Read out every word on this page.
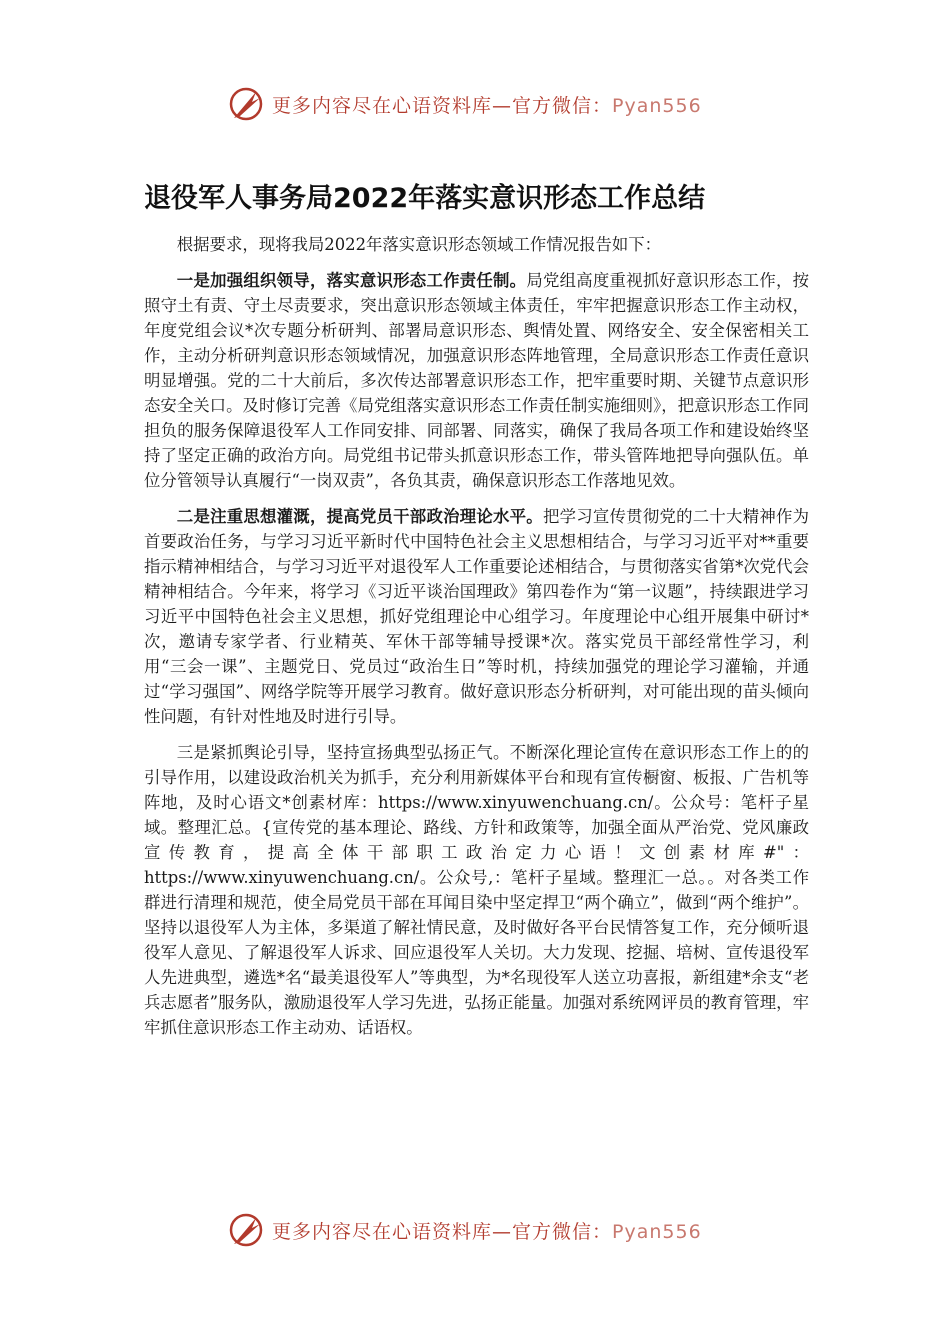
更多内容尽在心语资料库—官方微信：Pyan556
退役军人事务局2022年落实意识形态工作总结

根据要求，现将我局2022年落实意识形态领域工作情况报告如下：

一是加强组织领导，落实意识形态工作责任制。局党组高度重视抓好意识形态工作，按照守土有责、守土尽责要求，突出意识形态领域主体责任，牢牢把握意识形态工作主动权，年度党组会议*次专题分析研判、部署局意识形态、舆情处置、网络安全、安全保密相关工作，主动分析研判意识形态领域情况，加强意识形态阵地管理，全局意识形态工作责任意识明显增强。党的二十大前后，多次传达部署意识形态工作，把牢重要时期、关键节点意识形态安全关口。及时修订完善《局党组落实意识形态工作责任制实施细则》，把意识形态工作同担负的服务保障退役军人工作同安排、同部署、同落实，确保了我局各项工作和建设始终坚持了坚定正确的政治方向。局党组书记带头抓意识形态工作，带头管阵地把导向强队伍。单位分管领导认真履行“一岗双责”，各负其责，确保意识形态工作落地见效。

二是注重思想灌溉，提高党员干部政治理论水平。把学习宣传贯彻党的二十大精神作为首要政治任务，与学习习近平新时代中国特色社会主义思想相结合，与学习习近平对**重要指示精神相结合，与学习习近平对退役军人工作重要论述相结合，与贯彻落实省第*次党代会精神相结合。今年来，将学习《习近平谈治国理政》第四卷作为“第一议题”，持续跟进学习习近平中国特色社会主义思想，抓好党组理论中心组学习。年度理论中心组开展集中研讨*次，邀请专家学者、行业精英、军休干部等辅导授课*次。落实党员干部经常性学习，利用“三会一课”、主题党日、党员过“政治生日”等时机，持续加强党的理论学习灌输，并通过“学习强国”、网络学院等开展学习教育。做好意识形态分析研判，对可能出现的苗头倾向性问题，有针对性地及时进行引导。

三是紧抓舆论引导，坚持宣扬典型弘扬正气。不断深化理论宣传在意识形态工作上的的引导作用，以建设政治机关为抓手，充分利用新媒体平台和现有宣传橱窗、板报、广告机等阵地，及时心语文*创素材库：https://www.xinyuwenchuang.cn/。公众号：笔杆子星域。整理汇总。{宣传党的基本理论、路线、方针和政策等，加强全面从严治党、党风廉政宣传教育，提高全体干部职工政治定力心语！文创素材库#"：https://www.xinyuwenchuang.cn/。公众号,：笔杆子星域。整理汇一总。。对各类工作群进行清理和规范，使全局党员干部在耳闻目染中坚定捍卫“两个确立”，做到“两个维护”。坚持以退役军人为主体，多渠道了解社情民意，及时做好各平台民情答复工作，充分倾听退役军人意见、了解退役军人诉求、回应退役军人关切。大力发现、挖掘、培树、宣传退役军人先进典型，遴选*名“最美退役军人”等典型，为*名现役军人送立功喜报，新组建*余支“老兵志愿者”服务队，激励退役军人学习先进，弘扬正能量。加强对系统网评员的教育管理，牢牢抓住意识形态工作主动劝、话语权。

更多内容尽在心语资料库—官方微信：Pyan556
